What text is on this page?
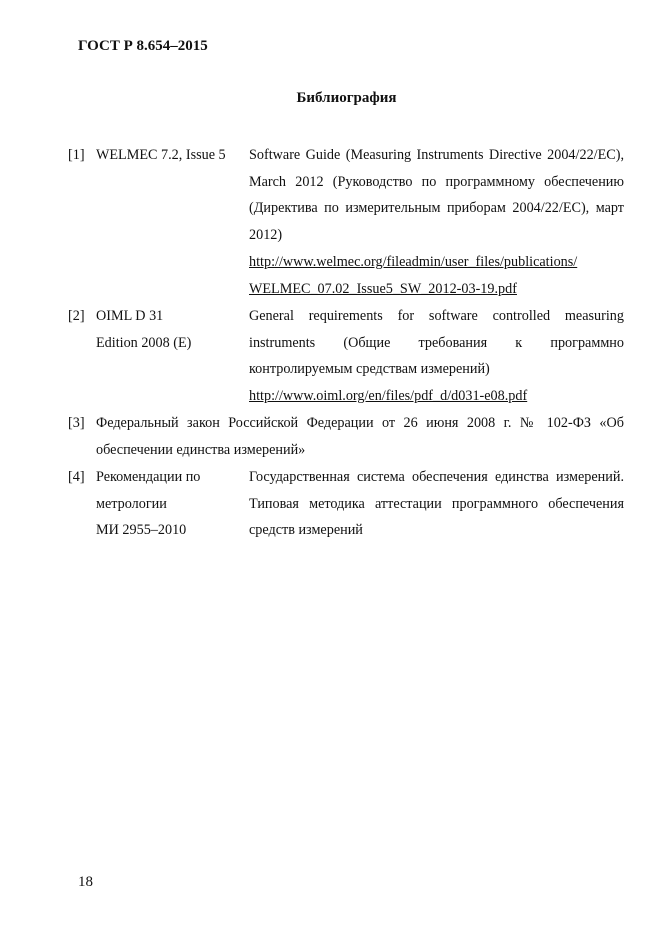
ГОСТ Р 8.654–2015
Библиография
[1] WELMEC 7.2, Issue 5	Software Guide (Measuring Instruments Directive 2004/22/EC), March 2012 (Руководство по программному обеспечению (Директива по измерительным приборам 2004/22/EC), март 2012)
http://www.welmec.org/fileadmin/user_files/publications/
WELMEC_07.02_Issue5_SW_2012-03-19.pdf
[2] OIML D 31
Edition 2008 (E)
General requirements for software controlled measuring instruments (Общие требования к программно контролируемым средствам измерений)
http://www.oiml.org/en/files/pdf_d/d031-e08.pdf
[3] Федеральный закон Российской Федерации от 26 июня 2008 г. № 102-ФЗ «Об обеспечении единства измерений»
[4] Рекомендации по
метрологии
МИ 2955–2010
Государственная система обеспечения единства измерений. Типовая методика аттестации программного обеспечения средств измерений
18
